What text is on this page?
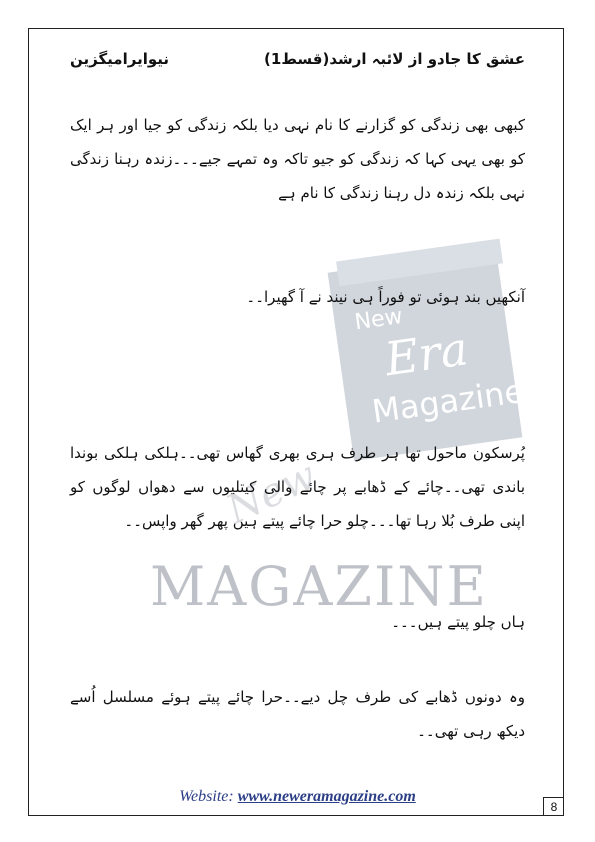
New
Era
Magazine
New
MAGAZINE
عشق کا جادو از لائبہ ارشد(قسط1)
نیوایرامیگزین
کبھی بھی زندگی کو گزارنے کا نام نہی دیا بلکہ زندگی کو جیا اور ہر ایک کو بھی یہی کہا کہ زندگی کو جیو تاکہ وہ تمہے جیے۔۔۔زندہ رہنا زندگی نہی بلکہ زندہ دل رہنا زندگی کا نام ہے
آنکھیں بند ہوئی تو فوراً ہی نیند نے آ گھیرا۔۔
پُرسکون ماحول تھا ہر طرف ہری بھری گھاس تھی۔۔ہلکی ہلکی بوندا باندی تھی۔۔چائے کے ڈھابے پر چائے والی کیتلیوں سے دھواں لوگوں کو اپنی طرف بُلا رہا تھا۔۔۔چلو حرا چائے پیتے ہیں پھر گھر واپس۔۔
ہاں چلو پیتے ہیں۔۔۔
وہ دونوں ڈھابے کی طرف چل دیے۔۔حرا چائے پیتے ہوئے مسلسل اُسے دیکھ رہی تھی۔۔
Website: www.neweramagazine.com
8
